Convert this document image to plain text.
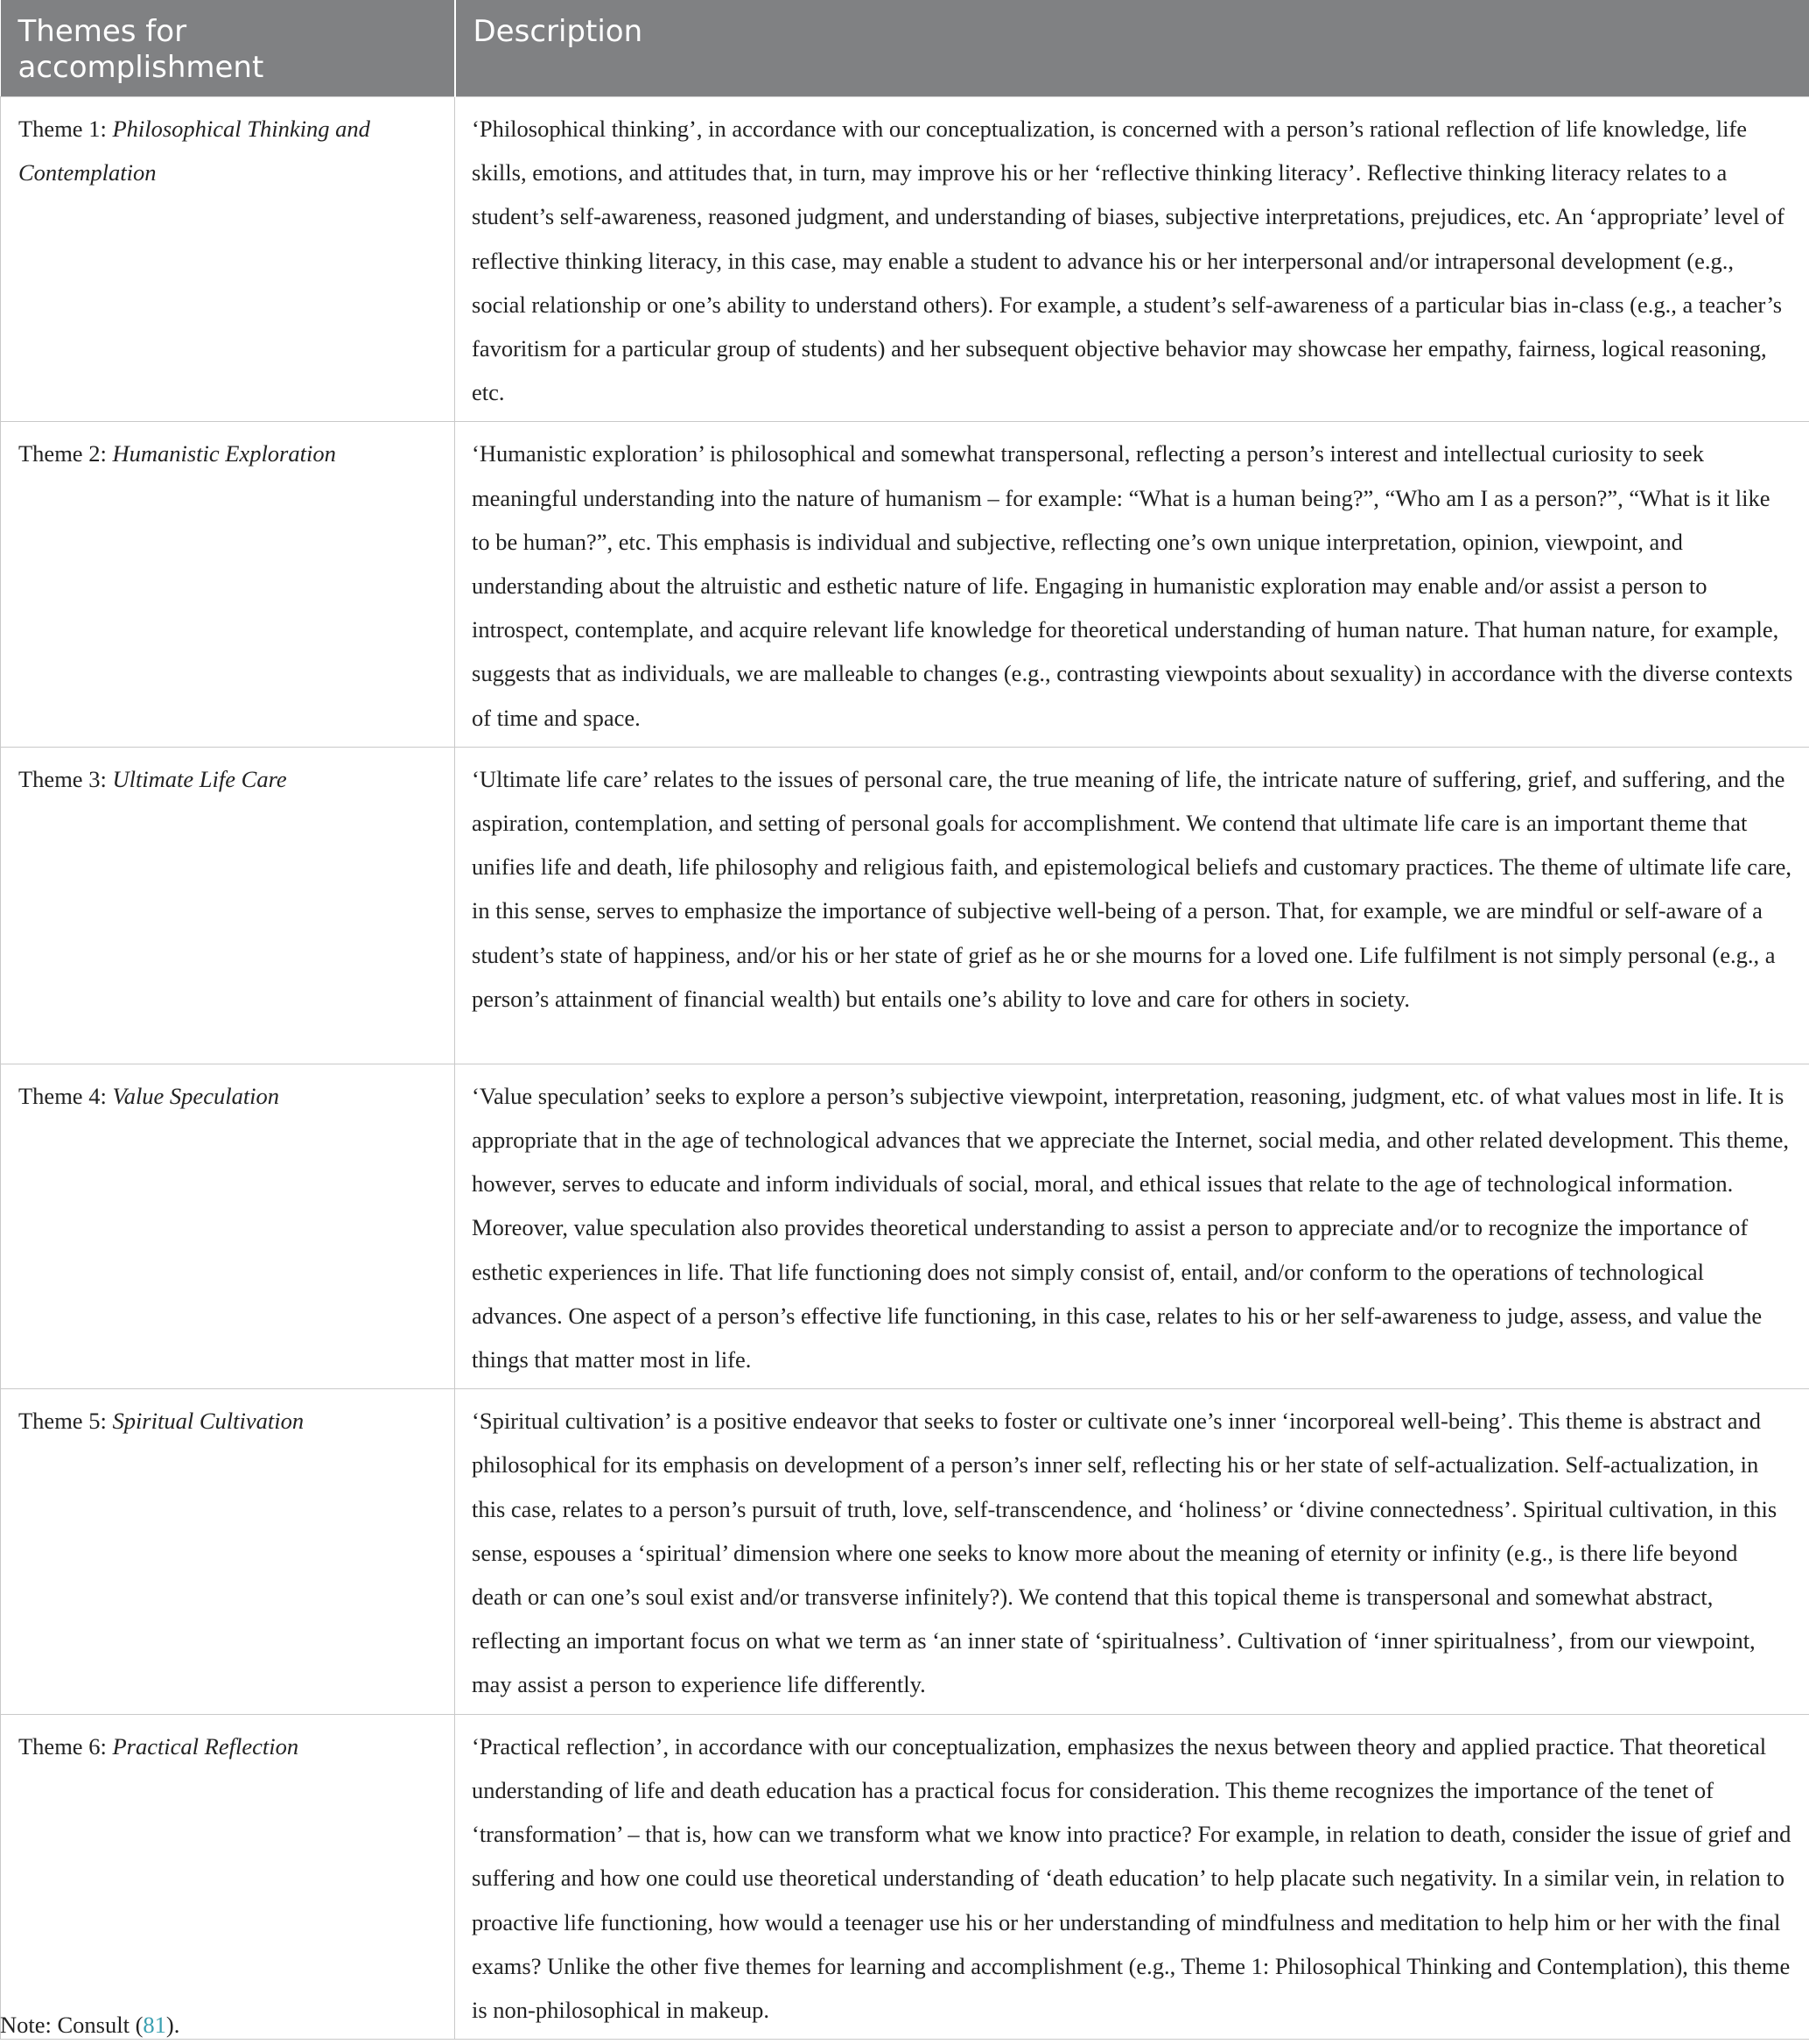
Themes for accomplishment	Description
Theme 1: Philosophical Thinking and Contemplation	‘Philosophical thinking’, in accordance with our conceptualization, is concerned with a person’s rational reflection of life knowledge, life skills, emotions, and attitudes that, in turn, may improve his or her ‘reflective thinking literacy’. Reflective thinking literacy relates to a student’s self-awareness, reasoned judgment, and understanding of biases, subjective interpretations, prejudices, etc. An ‘appropriate’ level of reflective thinking literacy, in this case, may enable a student to advance his or her interpersonal and/or intrapersonal development (e.g., social relationship or one’s ability to understand others). For example, a student’s self-awareness of a particular bias in-class (e.g., a teacher’s favoritism for a particular group of students) and her subsequent objective behavior may showcase her empathy, fairness, logical reasoning, etc.
Theme 2: Humanistic Exploration	‘Humanistic exploration’ is philosophical and somewhat transpersonal, reflecting a person’s interest and intellectual curiosity to seek meaningful understanding into the nature of humanism – for example: “What is a human being?”, “Who am I as a person?”, “What is it like to be human?”, etc. This emphasis is individual and subjective, reflecting one’s own unique interpretation, opinion, viewpoint, and understanding about the altruistic and esthetic nature of life. Engaging in humanistic exploration may enable and/or assist a person to introspect, contemplate, and acquire relevant life knowledge for theoretical understanding of human nature. That human nature, for example, suggests that as individuals, we are malleable to changes (e.g., contrasting viewpoints about sexuality) in accordance with the diverse contexts of time and space.
Theme 3: Ultimate Life Care	‘Ultimate life care’ relates to the issues of personal care, the true meaning of life, the intricate nature of suffering, grief, and suffering, and the aspiration, contemplation, and setting of personal goals for accomplishment. We contend that ultimate life care is an important theme that unifies life and death, life philosophy and religious faith, and epistemological beliefs and customary practices. The theme of ultimate life care, in this sense, serves to emphasize the importance of subjective well-being of a person. That, for example, we are mindful or self-aware of a student’s state of happiness, and/or his or her state of grief as he or she mourns for a loved one. Life fulfilment is not simply personal (e.g., a person’s attainment of financial wealth) but entails one’s ability to love and care for others in society.
Theme 4: Value Speculation	‘Value speculation’ seeks to explore a person’s subjective viewpoint, interpretation, reasoning, judgment, etc. of what values most in life. It is appropriate that in the age of technological advances that we appreciate the Internet, social media, and other related development. This theme, however, serves to educate and inform individuals of social, moral, and ethical issues that relate to the age of technological information. Moreover, value speculation also provides theoretical understanding to assist a person to appreciate and/or to recognize the importance of esthetic experiences in life. That life functioning does not simply consist of, entail, and/or conform to the operations of technological advances. One aspect of a person’s effective life functioning, in this case, relates to his or her self-awareness to judge, assess, and value the things that matter most in life.
Theme 5: Spiritual Cultivation	‘Spiritual cultivation’ is a positive endeavor that seeks to foster or cultivate one’s inner ‘incorporeal well-being’. This theme is abstract and philosophical for its emphasis on development of a person’s inner self, reflecting his or her state of self-actualization. Self-actualization, in this case, relates to a person’s pursuit of truth, love, self-transcendence, and ‘holiness’ or ‘divine connectedness’. Spiritual cultivation, in this sense, espouses a ‘spiritual’ dimension where one seeks to know more about the meaning of eternity or infinity (e.g., is there life beyond death or can one’s soul exist and/or transverse infinitely?). We contend that this topical theme is transpersonal and somewhat abstract, reflecting an important focus on what we term as ‘an inner state of ‘spiritualness’. Cultivation of ‘inner spiritualness’, from our viewpoint, may assist a person to experience life differently.
Theme 6: Practical Reflection	‘Practical reflection’, in accordance with our conceptualization, emphasizes the nexus between theory and applied practice. That theoretical understanding of life and death education has a practical focus for consideration. This theme recognizes the importance of the tenet of ‘transformation’ – that is, how can we transform what we know into practice? For example, in relation to death, consider the issue of grief and suffering and how one could use theoretical understanding of ‘death education’ to help placate such negativity. In a similar vein, in relation to proactive life functioning, how would a teenager use his or her understanding of mindfulness and meditation to help him or her with the final exams? Unlike the other five themes for learning and accomplishment (e.g., Theme 1: Philosophical Thinking and Contemplation), this theme is non-philosophical in makeup.
Note: Consult (81).
